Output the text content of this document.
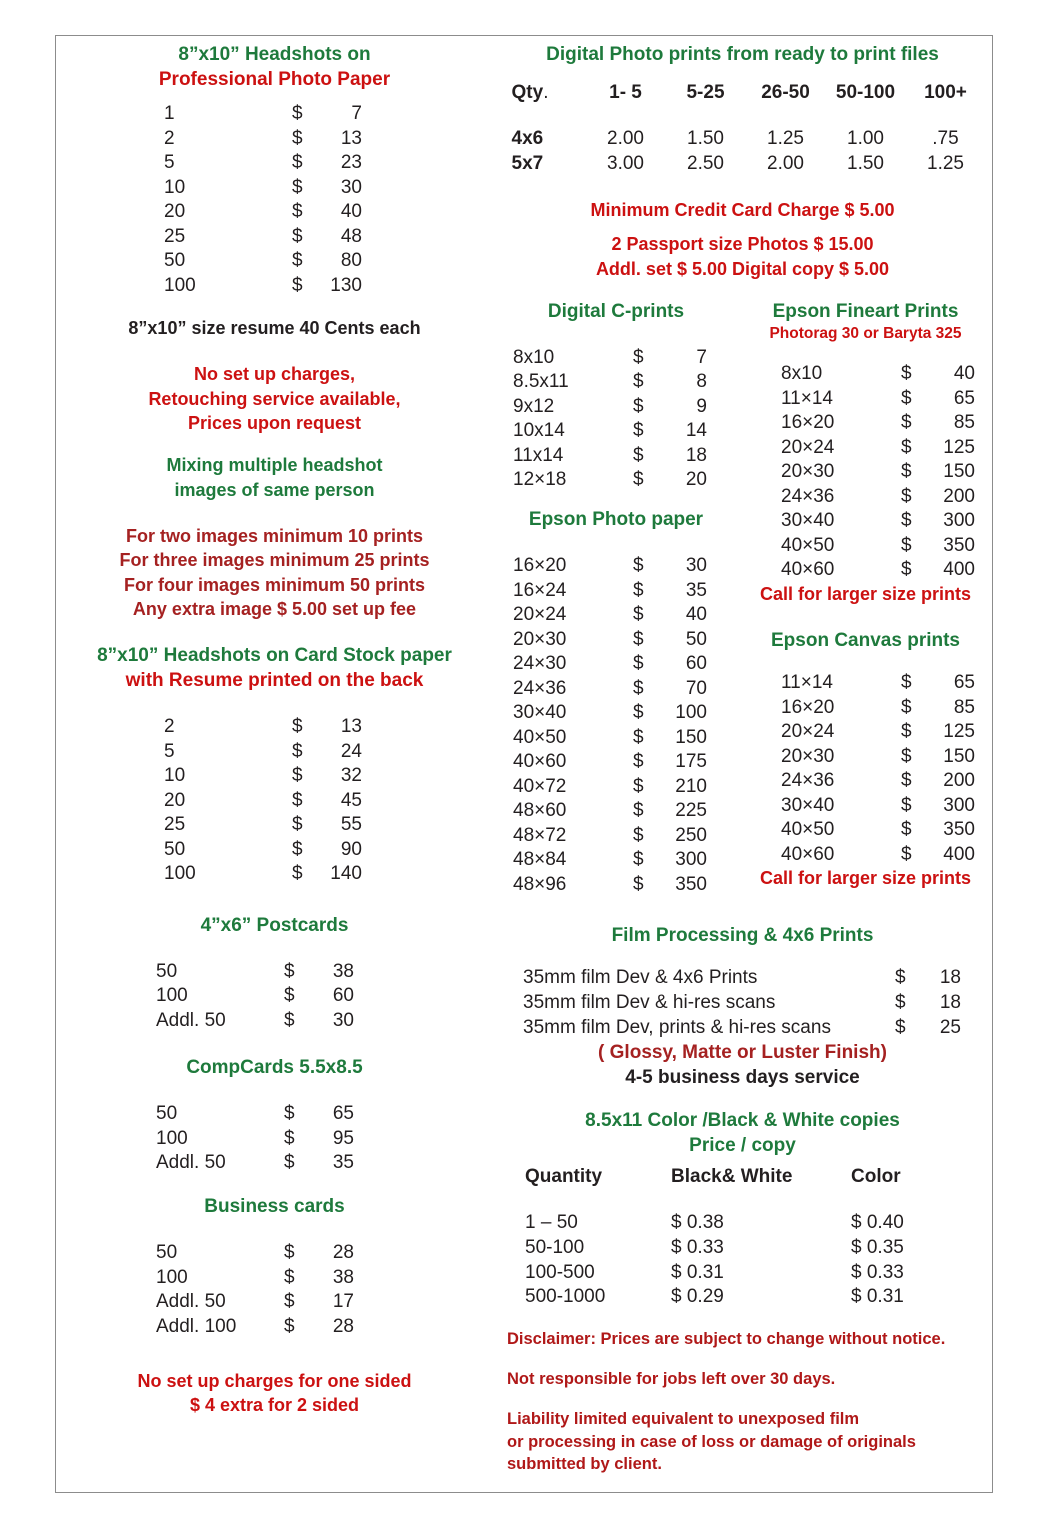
8”x10” Headshots on
Professional Photo Paper
1	$	7
2	$	13
5	$	23
10	$	30
20	$	40
25	$	48
50	$	80
100	$	130
8”x10” size resume 40 Cents each
No set up charges,
Retouching service available,
Prices upon request
Mixing multiple headshot
images of same person
For two images minimum 10 prints
For three images minimum 25 prints
For four images minimum 50 prints
Any extra image $ 5.00 set up fee
8”x10” Headshots on Card Stock paper
with Resume printed on the back
2	$	13
5	$	24
10	$	32
20	$	45
25	$	55
50	$	90
100	$	140
4”x6” Postcards
50	$	38
100	$	60
Addl. 50	$	30
CompCards 5.5x8.5
50	$	65
100	$	95
Addl. 50	$	35
Business cards
50	$	28
100	$	38
Addl. 50	$	17
Addl. 100	$	28
No set up charges for one sided
$ 4 extra for 2 sided
Digital Photo prints from ready to print files
Qty.	1- 5	5-25	26-50	50-100	100+

4x6	2.00	1.50	1.25	1.00	.75
5x7	3.00	2.50	2.00	1.50	1.25
Minimum Credit Card Charge $ 5.00
2 Passport size Photos $ 15.00
Addl. set $ 5.00 Digital copy $ 5.00
Digital C-prints
8x10	$	7
8.5x11	$	8
9x12	$	9
10x14	$	14
11x14	$	18
12×18	$	20
Epson Photo paper
16×20	$	30
16×24	$	35
20×24	$	40
20×30	$	50
24×30	$	60
24×36	$	70
30×40	$	100
40×50	$	150
40×60	$	175
40×72	$	210
48×60	$	225
48×72	$	250
48×84	$	300
48×96	$	350
Epson Fineart Prints
Photorag 30 or Baryta 325
8x10	$	40
11×14	$	65
16×20	$	85
20×24	$	125
20×30	$	150
24×36	$	200
30×40	$	300
40×50	$	350
40×60	$	400
Call for larger size prints
Epson Canvas prints
11×14	$	65
16×20	$	85
20×24	$	125
20×30	$	150
24×36	$	200
30×40	$	300
40×50	$	350
40×60	$	400
Call for larger size prints
Film Processing & 4x6 Prints
35mm film Dev & 4x6 Prints	$	18
35mm film Dev & hi-res scans	$	18
35mm film Dev, prints & hi-res scans	$	25
( Glossy, Matte or Luster Finish)
4-5 business days service
8.5x11 Color /Black & White copies
Price / copy
Quantity	Black& White	Color

1 – 50	$ 0.38	$ 0.40
50-100	$ 0.33	$ 0.35
100-500	$ 0.31	$ 0.33
500-1000	$ 0.29	$ 0.31
Disclaimer: Prices are subject to change without notice.
Not responsible for jobs left over 30 days.
Liability limited equivalent to unexposed film
or processing in case of loss or damage of originals
submitted by client.
